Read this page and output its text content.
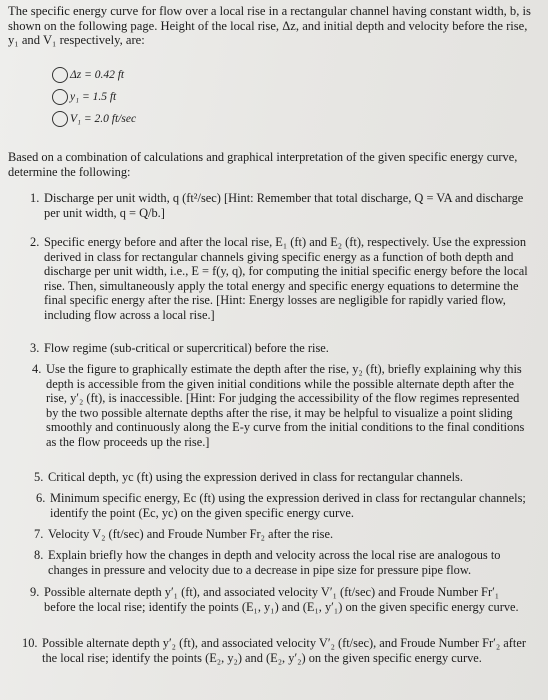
The specific energy curve for flow over a local rise in a rectangular channel having constant width, b, is shown on the following page. Height of the local rise, Δz, and initial depth and velocity before the rise, y₁ and V₁ respectively, are:
Δz = 0.42 ft
y₁ = 1.5 ft
V₁ = 2.0 ft/sec
Based on a combination of calculations and graphical interpretation of the given specific energy curve, determine the following:
1. Discharge per unit width, q (ft²/sec) [Hint: Remember that total discharge, Q = VA and discharge per unit width, q = Q/b.]
2. Specific energy before and after the local rise, E₁ (ft) and E₂ (ft), respectively. Use the expression derived in class for rectangular channels giving specific energy as a function of both depth and discharge per unit width, i.e., E = f(y, q), for computing the initial specific energy before the local rise. Then, simultaneously apply the total energy and specific energy equations to determine the final specific energy after the rise. [Hint: Energy losses are negligible for rapidly varied flow, including flow across a local rise.]
3. Flow regime (sub-critical or supercritical) before the rise.
4. Use the figure to graphically estimate the depth after the rise, y₂ (ft), briefly explaining why this depth is accessible from the given initial conditions while the possible alternate depth after the rise, y′₂ (ft), is inaccessible. [Hint: For judging the accessibility of the flow regimes represented by the two possible alternate depths after the rise, it may be helpful to visualize a point sliding smoothly and continuously along the E-y curve from the initial conditions to the final conditions as the flow proceeds up the rise.]
5. Critical depth, yc (ft) using the expression derived in class for rectangular channels.
6. Minimum specific energy, Ec (ft) using the expression derived in class for rectangular channels; identify the point (Ec, yc) on the given specific energy curve.
7. Velocity V₂ (ft/sec) and Froude Number Fr₂ after the rise.
8. Explain briefly how the changes in depth and velocity across the local rise are analogous to changes in pressure and velocity due to a decrease in pipe size for pressure pipe flow.
9. Possible alternate depth y′₁ (ft), and associated velocity V′₁ (ft/sec) and Froude Number Fr′₁ before the local rise; identify the points (E₁, y₁) and (E₁, y′₁) on the given specific energy curve.
10. Possible alternate depth y′₂ (ft), and associated velocity V′₂ (ft/sec), and Froude Number Fr′₂ after the local rise; identify the points (E₂, y₂) and (E₂, y′₂) on the given specific energy curve.
